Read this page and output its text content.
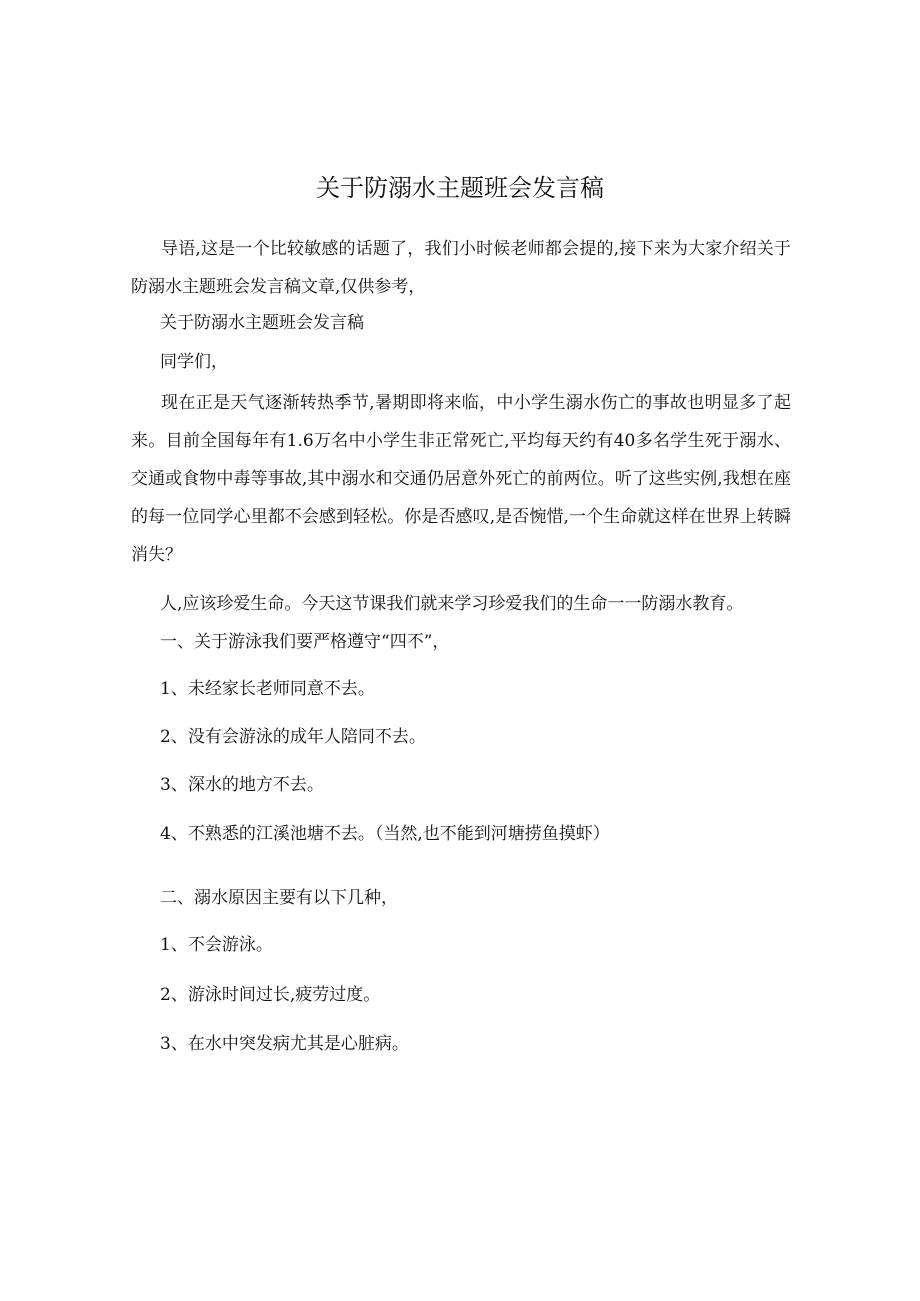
关于防溺水主题班会发言稿
导语,这是一个比较敏感的话题了，我们小时候老师都会提的,接下来为大家介绍关于防溺水主题班会发言稿文章,仅供参考，
关于防溺水主题班会发言稿
同学们，
现在正是天气逐渐转热季节,暑期即将来临，中小学生溺水伤亡的事故也明显多了起来。目前全国每年有1.6万名中小学生非正常死亡,平均每天约有40多名学生死于溺水、交通或食物中毒等事故,其中溺水和交通仍居意外死亡的前两位。听了这些实例,我想在座的每一位同学心里都不会感到轻松。你是否感叹,是否惋惜,一个生命就这样在世界上转瞬消失？
人,应该珍爱生命。今天这节课我们就来学习珍爱我们的生命一一防溺水教育。
一、关于游泳我们要严格遵守“四不”，
1、未经家长老师同意不去。
2、没有会游泳的成年人陪同不去。
3、深水的地方不去。
4、不熟悉的江溪池塘不去。（当然,也不能到河塘捞鱼摸虾）
二、溺水原因主要有以下几种，
1、不会游泳。
2、游泳时间过长,疲劳过度。
3、在水中突发病尤其是心脏病。
